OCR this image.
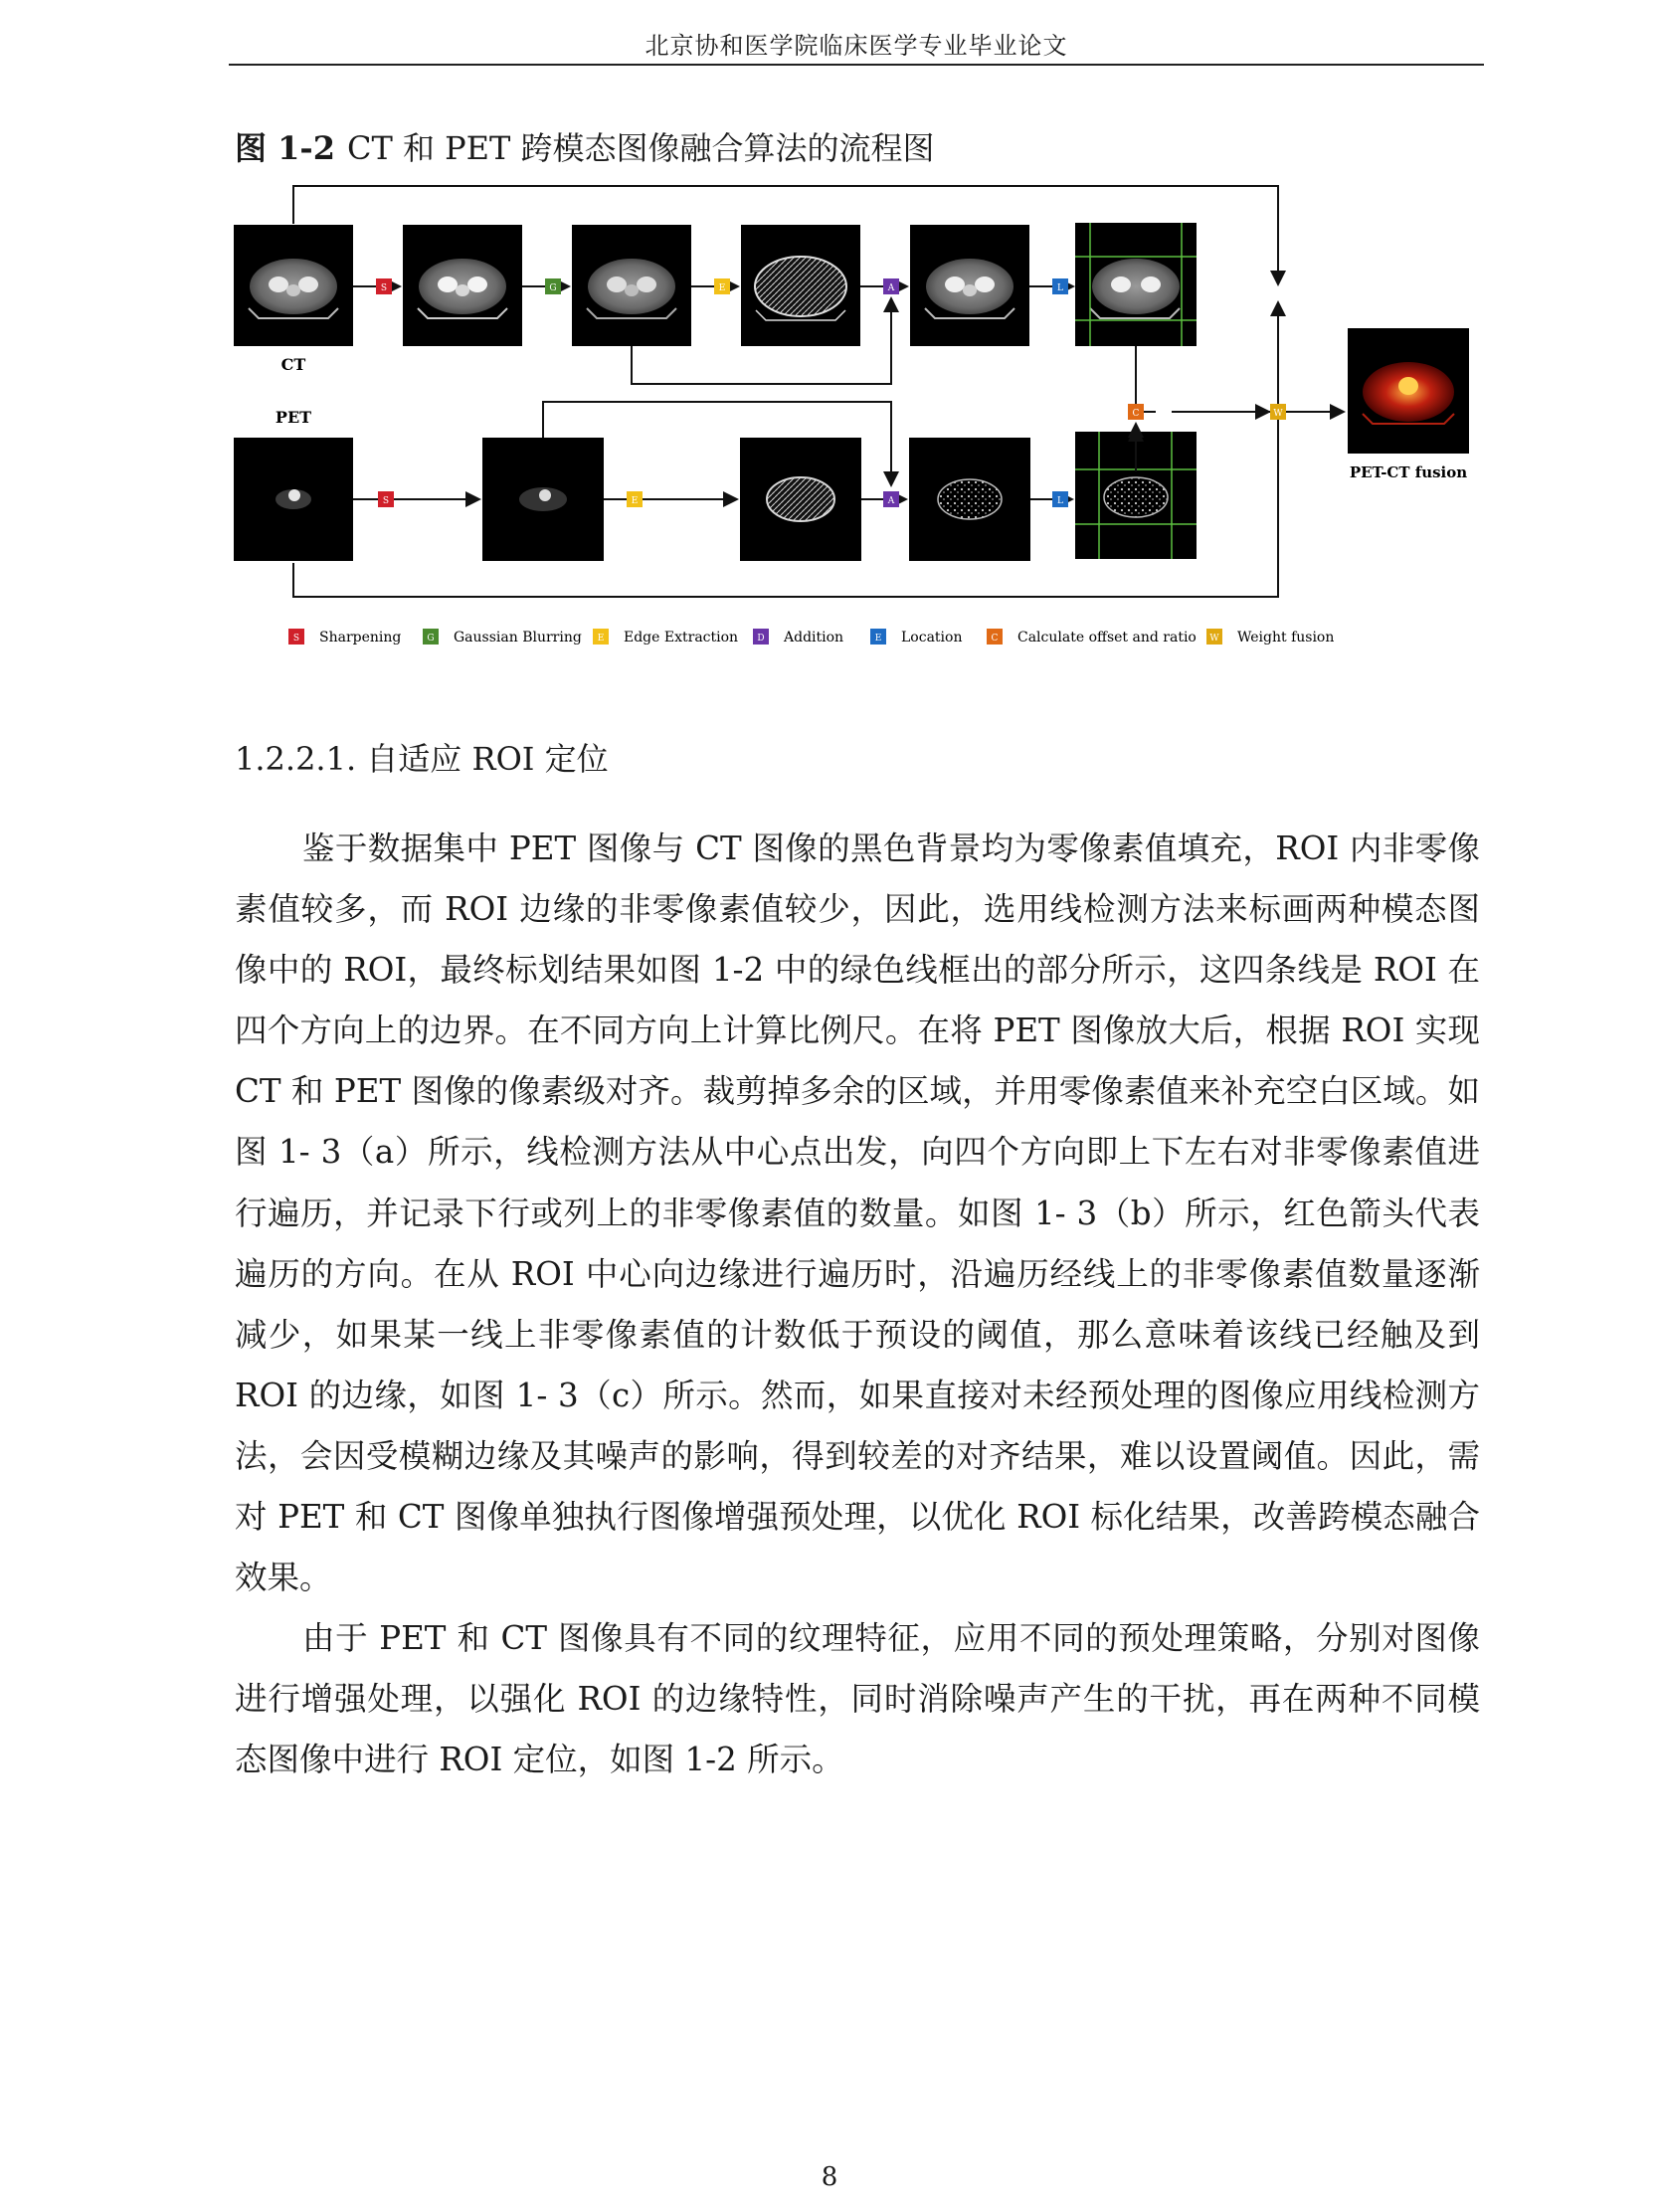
北京协和医学院临床医学专业毕业论文
图 1-2 CT 和 PET 跨模态图像融合算法的流程图
S	G	E	A	L
S	E	A	L
C	W
CT
PET
PET-CT fusion
S Sharpening	G Gaussian Blurring E Edge Extraction D Addition	E Location	C Calculate offset and ratio W Weight fusion
1.2.2.1. 自适应 ROI 定位

鉴于数据集中 PET 图像与 CT 图像的黑色背景均为零像素值填充，ROI 内非零像素值较多，而 ROI 边缘的非零像素值较少，因此，选用线检测方法来标画两种模态图像中的 ROI，最终标划结果如图 1-2 中的绿色线框出的部分所示，这四条线是 ROI 在四个方向上的边界。在不同方向上计算比例尺。在将 PET 图像放大后，根据 ROI 实现 CT 和 PET 图像的像素级对齐。裁剪掉多余的区域，并用零像素值来补充空白区域。如图 1- 3（a）所示，线检测方法从中心点出发，向四个方向即上下左右对非零像素值进行遍历，并记录下行或列上的非零像素值的数量。如图 1- 3（b）所示，红色箭头代表遍历的方向。在从 ROI 中心向边缘进行遍历时，沿遍历经线上的非零像素值数量逐渐减少，如果某一线上非零像素值的计数低于预设的阈值，那么意味着该线已经触及到 ROI 的边缘，如图 1- 3（c）所示。然而，如果直接对未经预处理的图像应用线检测方法，会因受模糊边缘及其噪声的影响，得到较差的对齐结果，难以设置阈值。因此，需对 PET 和 CT 图像单独执行图像增强预处理，以优化 ROI 标化结果，改善跨模态融合效果。

由于 PET 和 CT 图像具有不同的纹理特征，应用不同的预处理策略，分别对图像进行增强处理，以强化 ROI 的边缘特性，同时消除噪声产生的干扰，再在两种不同模态图像中进行 ROI 定位，如图 1-2 所示。

8
